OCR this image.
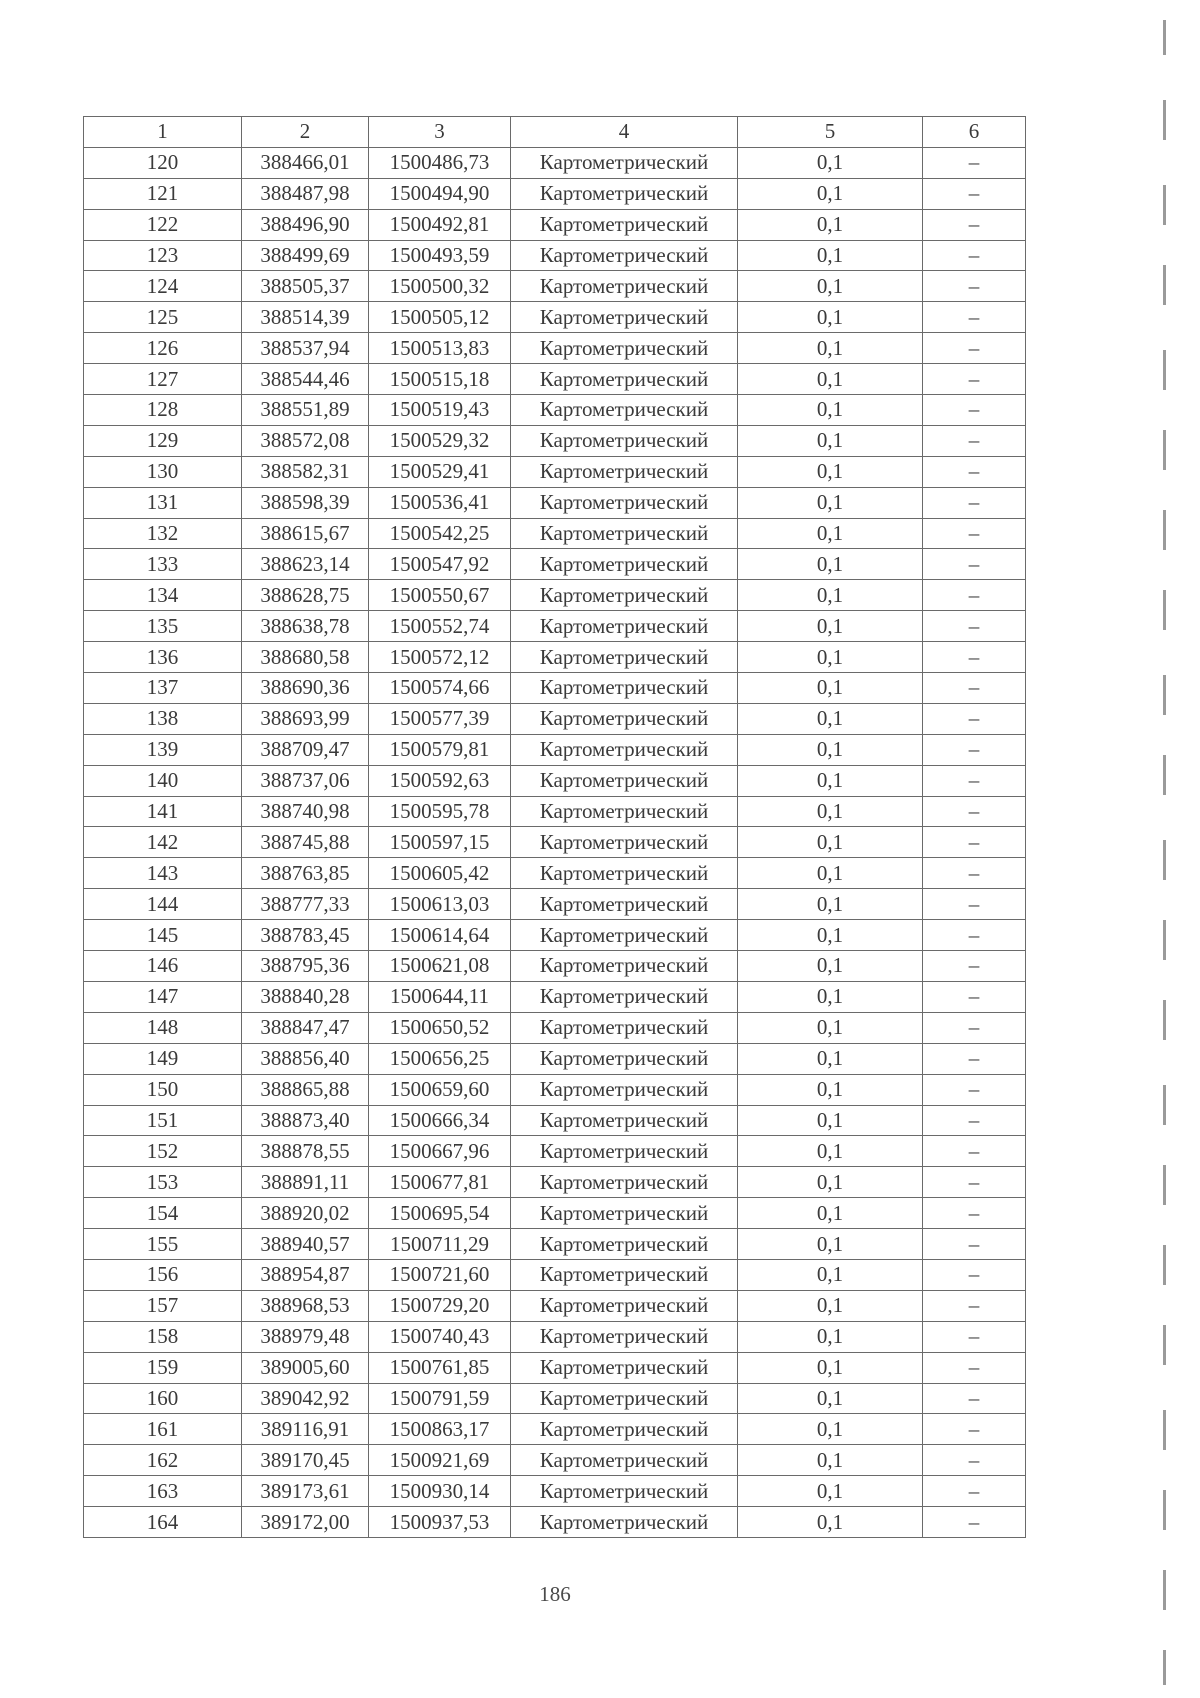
1	2	3	4	5	6
120	388466,01	1500486,73	Картометрический	0,1	–
121	388487,98	1500494,90	Картометрический	0,1	–
122	388496,90	1500492,81	Картометрический	0,1	–
123	388499,69	1500493,59	Картометрический	0,1	–
124	388505,37	1500500,32	Картометрический	0,1	–
125	388514,39	1500505,12	Картометрический	0,1	–
126	388537,94	1500513,83	Картометрический	0,1	–
127	388544,46	1500515,18	Картометрический	0,1	–
128	388551,89	1500519,43	Картометрический	0,1	–
129	388572,08	1500529,32	Картометрический	0,1	–
130	388582,31	1500529,41	Картометрический	0,1	–
131	388598,39	1500536,41	Картометрический	0,1	–
132	388615,67	1500542,25	Картометрический	0,1	–
133	388623,14	1500547,92	Картометрический	0,1	–
134	388628,75	1500550,67	Картометрический	0,1	–
135	388638,78	1500552,74	Картометрический	0,1	–
136	388680,58	1500572,12	Картометрический	0,1	–
137	388690,36	1500574,66	Картометрический	0,1	–
138	388693,99	1500577,39	Картометрический	0,1	–
139	388709,47	1500579,81	Картометрический	0,1	–
140	388737,06	1500592,63	Картометрический	0,1	–
141	388740,98	1500595,78	Картометрический	0,1	–
142	388745,88	1500597,15	Картометрический	0,1	–
143	388763,85	1500605,42	Картометрический	0,1	–
144	388777,33	1500613,03	Картометрический	0,1	–
145	388783,45	1500614,64	Картометрический	0,1	–
146	388795,36	1500621,08	Картометрический	0,1	–
147	388840,28	1500644,11	Картометрический	0,1	–
148	388847,47	1500650,52	Картометрический	0,1	–
149	388856,40	1500656,25	Картометрический	0,1	–
150	388865,88	1500659,60	Картометрический	0,1	–
151	388873,40	1500666,34	Картометрический	0,1	–
152	388878,55	1500667,96	Картометрический	0,1	–
153	388891,11	1500677,81	Картометрический	0,1	–
154	388920,02	1500695,54	Картометрический	0,1	–
155	388940,57	1500711,29	Картометрический	0,1	–
156	388954,87	1500721,60	Картометрический	0,1	–
157	388968,53	1500729,20	Картометрический	0,1	–
158	388979,48	1500740,43	Картометрический	0,1	–
159	389005,60	1500761,85	Картометрический	0,1	–
160	389042,92	1500791,59	Картометрический	0,1	–
161	389116,91	1500863,17	Картометрический	0,1	–
162	389170,45	1500921,69	Картометрический	0,1	–
163	389173,61	1500930,14	Картометрический	0,1	–
164	389172,00	1500937,53	Картометрический	0,1	–
186
